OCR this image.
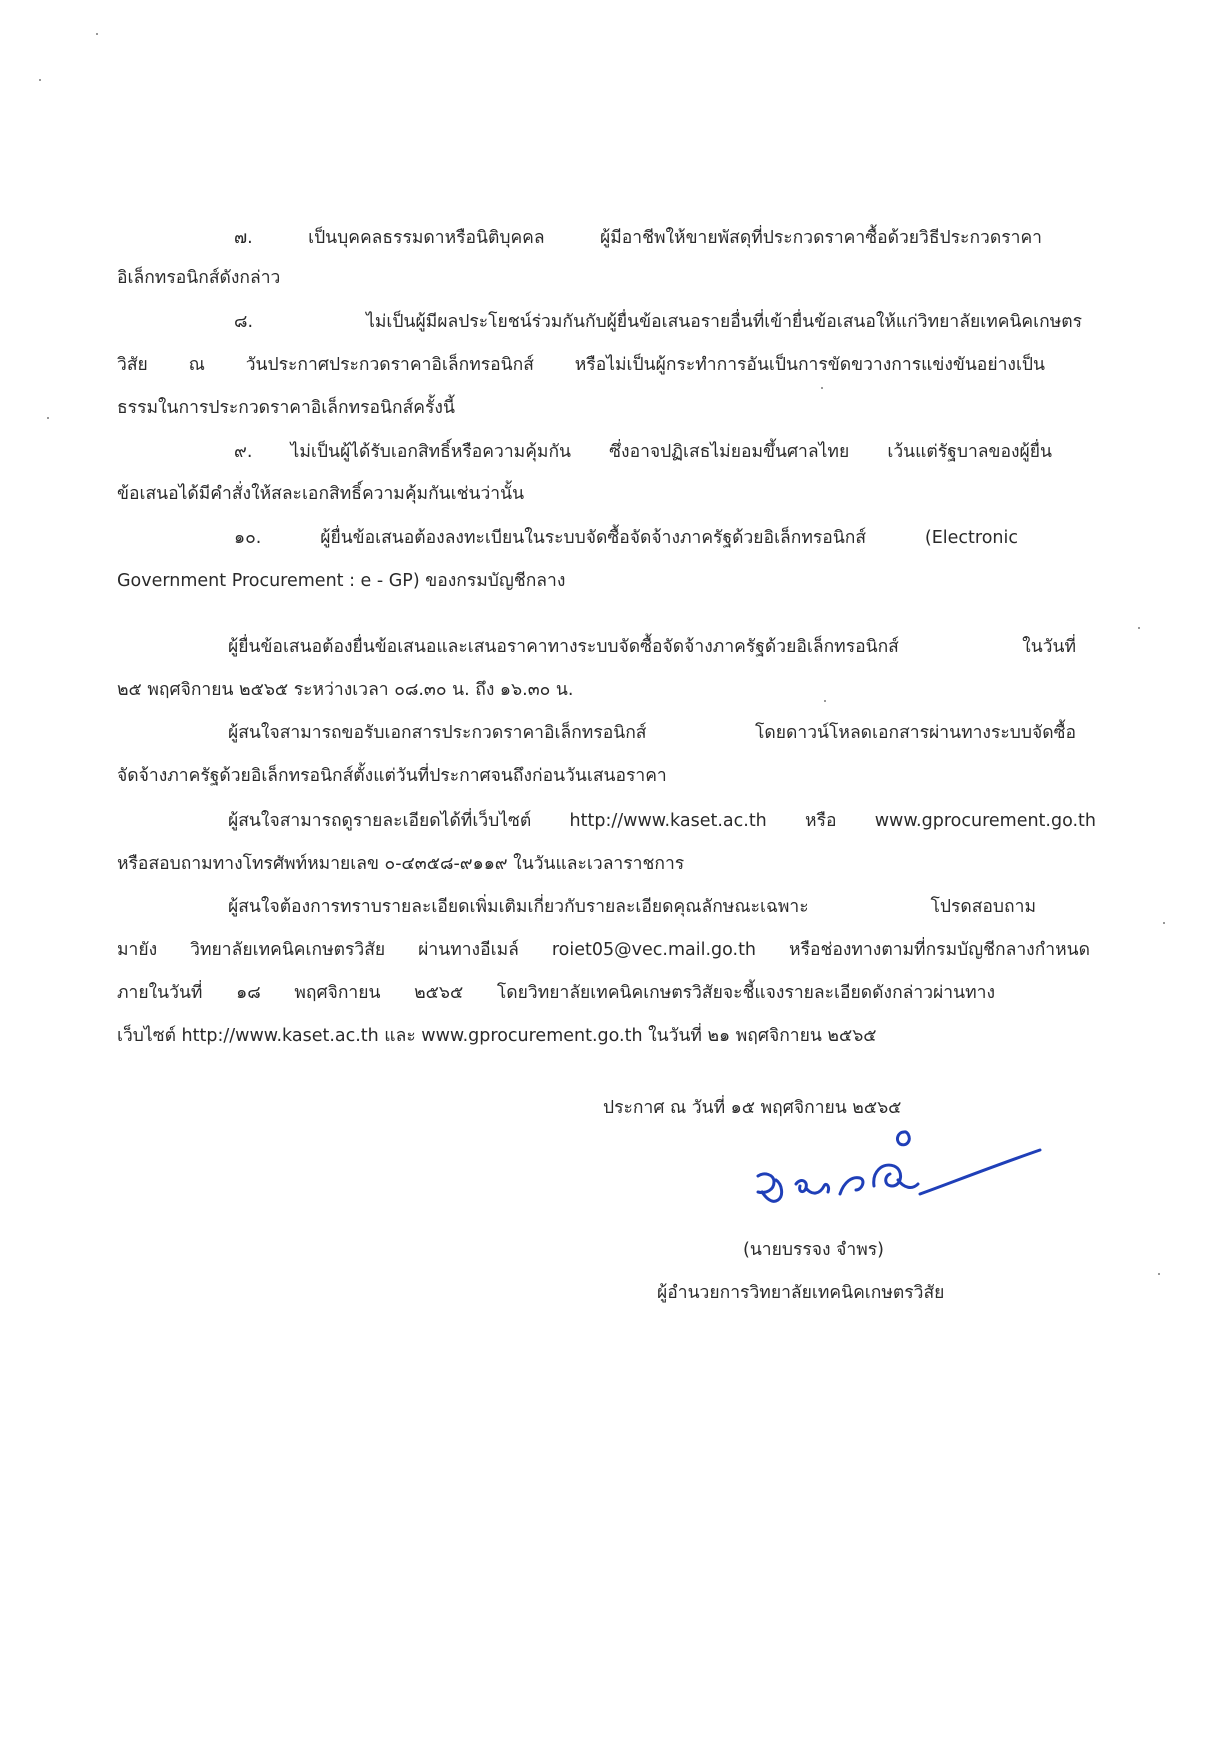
๗. เป็นบุคคลธรรมดาหรือนิติบุคคล ผู้มีอาชีพให้ขายพัสดุที่ประกวดราคาซื้อด้วยวิธีประกวดราคา
อิเล็กทรอนิกส์ดังกล่าว
๘. ไม่เป็นผู้มีผลประโยชน์ร่วมกันกับผู้ยื่นข้อเสนอรายอื่นที่เข้ายื่นข้อเสนอให้แก่วิทยาลัยเทคนิคเกษตร
วิสัย ณ วันประกาศประกวดราคาอิเล็กทรอนิกส์ หรือไม่เป็นผู้กระทำการอันเป็นการขัดขวางการแข่งขันอย่างเป็น
ธรรมในการประกวดราคาอิเล็กทรอนิกส์ครั้งนี้
๙. ไม่เป็นผู้ได้รับเอกสิทธิ์หรือความคุ้มกัน ซึ่งอาจปฏิเสธไม่ยอมขึ้นศาลไทย เว้นแต่รัฐบาลของผู้ยื่น
ข้อเสนอได้มีคำสั่งให้สละเอกสิทธิ์ความคุ้มกันเช่นว่านั้น
๑๐. ผู้ยื่นข้อเสนอต้องลงทะเบียนในระบบจัดซื้อจัดจ้างภาครัฐด้วยอิเล็กทรอนิกส์ (Electronic
Government Procurement : e - GP) ของกรมบัญชีกลาง
ผู้ยื่นข้อเสนอต้องยื่นข้อเสนอและเสนอราคาทางระบบจัดซื้อจัดจ้างภาครัฐด้วยอิเล็กทรอนิกส์ ในวันที่
๒๕ พฤศจิกายน ๒๕๖๕ ระหว่างเวลา ๐๘.๓๐ น. ถึง ๑๖.๓๐ น.
ผู้สนใจสามารถขอรับเอกสารประกวดราคาอิเล็กทรอนิกส์ โดยดาวน์โหลดเอกสารผ่านทางระบบจัดซื้อ
จัดจ้างภาครัฐด้วยอิเล็กทรอนิกส์ตั้งแต่วันที่ประกาศจนถึงก่อนวันเสนอราคา
ผู้สนใจสามารถดูรายละเอียดได้ที่เว็บไซต์ http://www.kaset.ac.th หรือ www.gprocurement.go.th
หรือสอบถามทางโทรศัพท์หมายเลข ๐-๔๓๕๘-๙๑๑๙ ในวันและเวลาราชการ
ผู้สนใจต้องการทราบรายละเอียดเพิ่มเติมเกี่ยวกับรายละเอียดคุณลักษณะเฉพาะ โปรดสอบถาม
มายัง วิทยาลัยเทคนิคเกษตรวิสัย ผ่านทางอีเมล์ roiet05@vec.mail.go.th หรือช่องทางตามที่กรมบัญชีกลางกำหนด
ภายในวันที่ ๑๘ พฤศจิกายน ๒๕๖๕ โดยวิทยาลัยเทคนิคเกษตรวิสัยจะชี้แจงรายละเอียดดังกล่าวผ่านทาง
เว็บไซต์ http://www.kaset.ac.th และ www.gprocurement.go.th ในวันที่ ๒๑ พฤศจิกายน ๒๕๖๕
ประกาศ ณ วันที่ ๑๕ พฤศจิกายน ๒๕๖๕
(นายบรรจง จำพร)
ผู้อำนวยการวิทยาลัยเทคนิคเกษตรวิสัย
